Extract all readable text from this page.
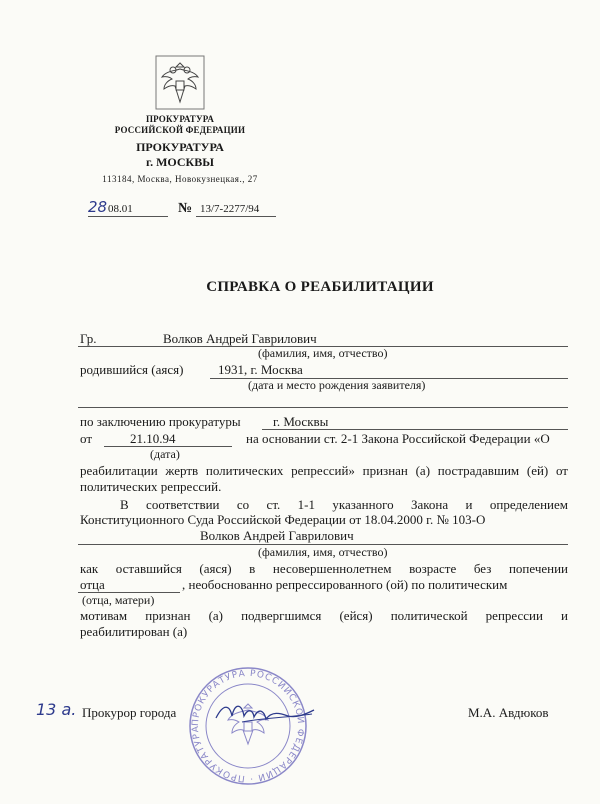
ПРОКУРАТУРА
РОССИЙСКОЙ ФЕДЕРАЦИИ
ПРОКУРАТУРА
г. МОСКВЫ
113184, Москва, Новокузнецкая., 27
28 08.01	№ 13/7-2277/94
СПРАВКА О РЕАБИЛИТАЦИИ
Гр.	Волков Андрей Гаврилович
(фамилия, имя, отчество)
родившийся (аяся)	1931, г. Москва
(дата и место рождения заявителя)
по заключению прокуратуры г. Москвы
от	21.10.94	на основании ст. 2-1 Закона Российской Федерации «О
(дата)
реабилитации жертв политических репрессий» признан (а) пострадавшим (ей) от
политических репрессий.
В соответствии со ст. 1-1 указанного Закона и определением
Конституционного Суда Российской Федерации от 18.04.2000 г. № 103-О
Волков Андрей Гаврилович
(фамилия, имя, отчество)
как оставшийся (аяся) в несовершеннолетнем возрасте без попечении
отца	, необоснованно репрессированного (ой) по политическим
(отца, матери)
мотивам признан (а) подвергшимся (ейся) политической репрессии и
реабилитирован (а)
ПРОКУРАТУРА РОССИЙСКОЙ ФЕДЕРАЦИИ · ПРОКУРАТУРА
13 а. Прокурор города	М.А. Авдюков
